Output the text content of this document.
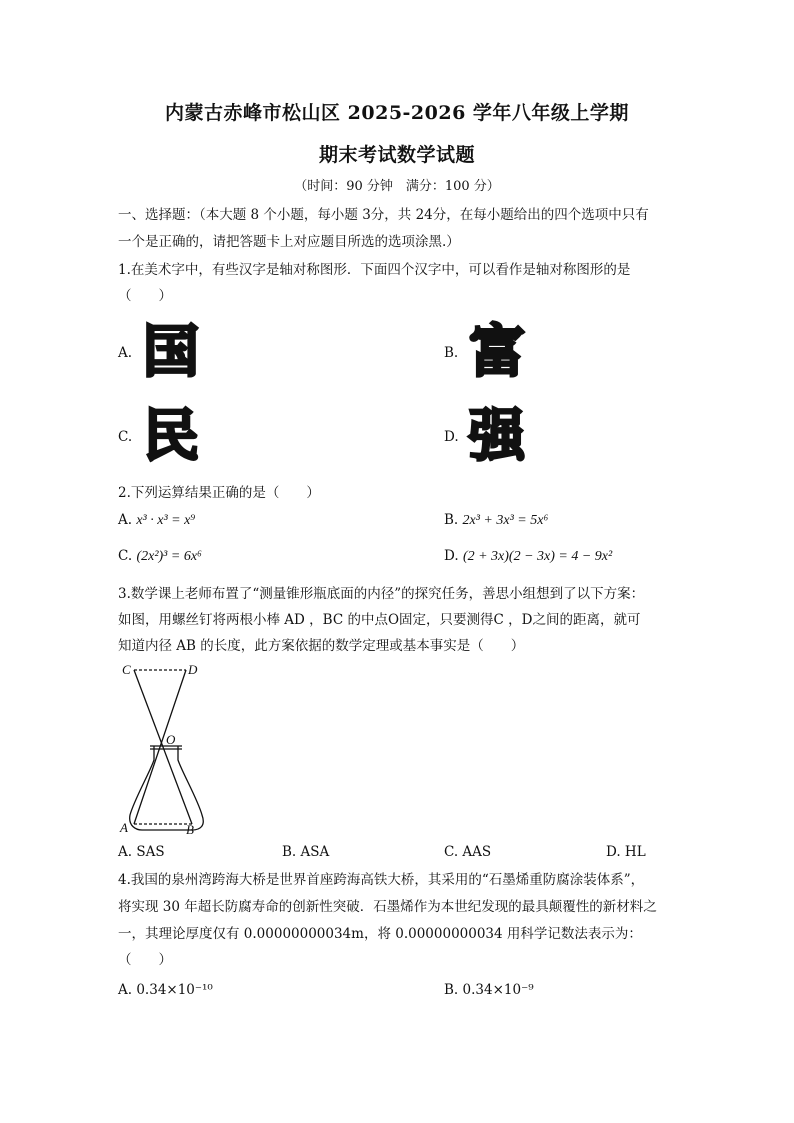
内蒙古赤峰市松山区 2025-2026 学年八年级上学期
期末考试数学试题
（时间：90 分钟　满分：100 分）
一、选择题：（本大题 8 个小题，每小题 3分，共 24分，在每小题给出的四个选项中只有
一个是正确的，请把答题卡上对应题目所选的选项涂黑.）
1.在美术字中，有些汉字是轴对称图形．下面四个汉字中，可以看作是轴对称图形的是
（　　）
A. 国	B. 富
C. 民	D. 强
2.下列运算结果正确的是（　　）
A. x³ · x³ = x⁹	B. 2x³ + 3x³ = 5x⁶
C. (2x²)³ = 6x⁶	D. (2 + 3x)(2 − 3x) = 4 − 9x²
3.数学课上老师布置了“测量锥形瓶底面的内径”的探究任务，善思小组想到了以下方案：
如图，用螺丝钉将两根小棒 AD ，BC 的中点O固定，只要测得C ，D之间的距离，就可
知道内径 AB 的长度，此方案依据的数学定理或基本事实是（　　）
C	D
O
A	B
A. SAS	B. ASA	C. AAS	D. HL
4.我国的泉州湾跨海大桥是世界首座跨海高铁大桥，其采用的“石墨烯重防腐涂装体系”，
将实现 30 年超长防腐寿命的创新性突破．石墨烯作为本世纪发现的最具颠覆性的新材料之
一，其理论厚度仅有 0.00000000034m，将 0.00000000034 用科学记数法表示为：
（　　）
A. 0.34×10⁻¹⁰	B. 0.34×10⁻⁹
